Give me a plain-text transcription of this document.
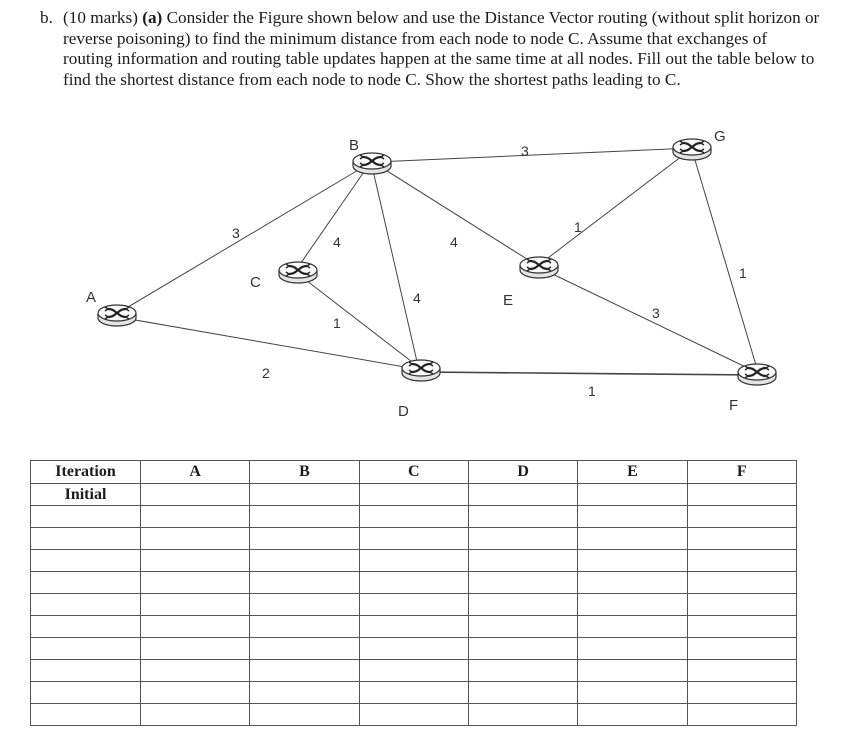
b. (10 marks) (a) Consider the Figure shown below and use the Distance Vector routing (without split horizon or reverse poisoning) to find the minimum distance from each node to node C. Assume that exchanges of routing information and routing table updates happen at the same time at all nodes. Fill out the table below to find the shortest distance from each node to node C. Show the shortest paths leading to C.
3
2
4
4
4
3
1
1
1
3
1
A
B
C
D
E
F
G
Iteration	A	B	C	D	E	F
Initial						
